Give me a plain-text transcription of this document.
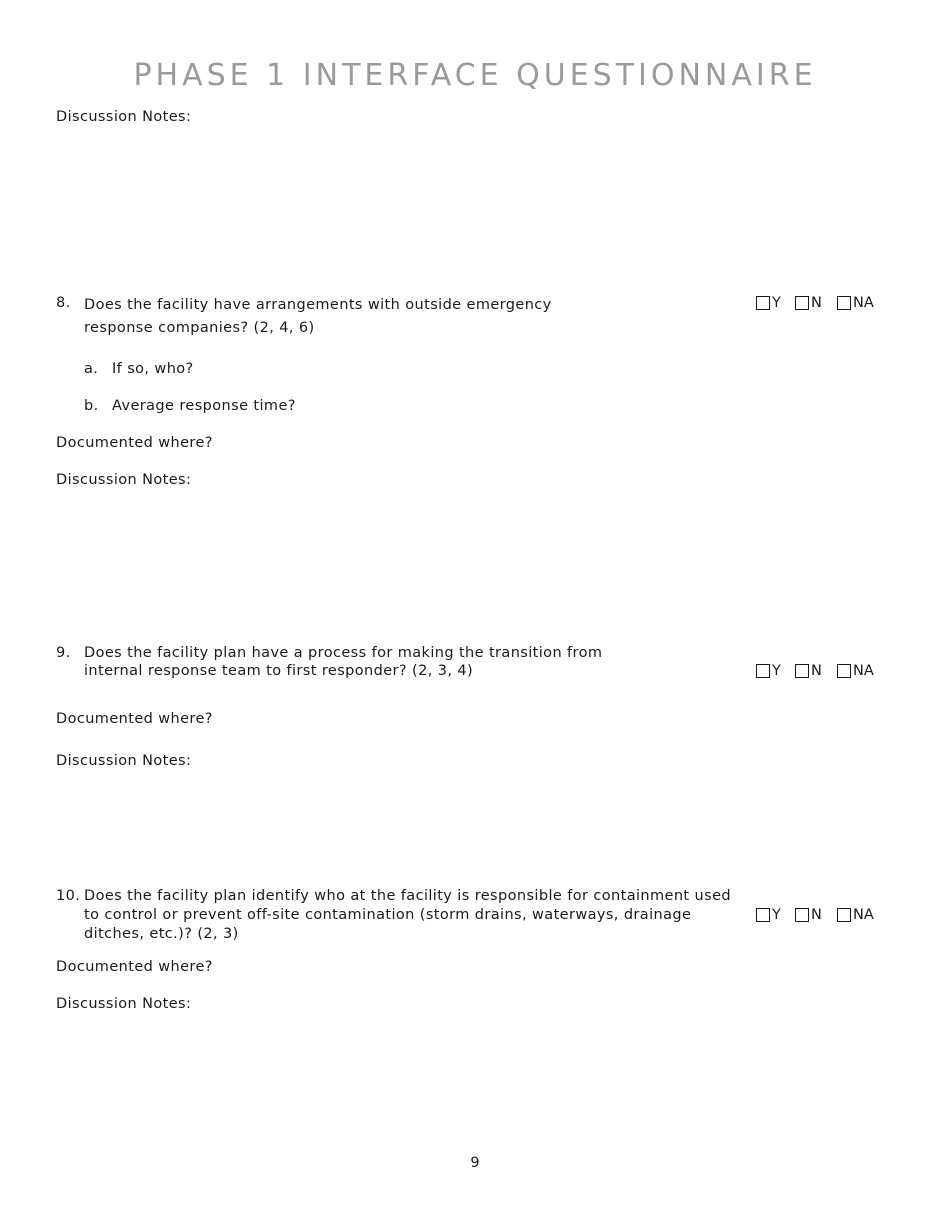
PHASE 1 INTERFACE QUESTIONNAIRE
Discussion Notes:
8. Does the facility have arrangements with outside emergency
response companies? (2, 4, 6)
Y N NA
a. If so, who?
b. Average response time?
Documented where?
Discussion Notes:
9. Does the facility plan have a process for making the transition from
internal response team to first responder? (2, 3, 4)	Y N NA
Documented where?
Discussion Notes:
10. Does the facility plan identify who at the facility is responsible for containment used
to control or prevent off-site contamination (storm drains, waterways, drainage
ditches, etc.)? (2, 3)
Y N NA
Documented where?
Discussion Notes:
9
